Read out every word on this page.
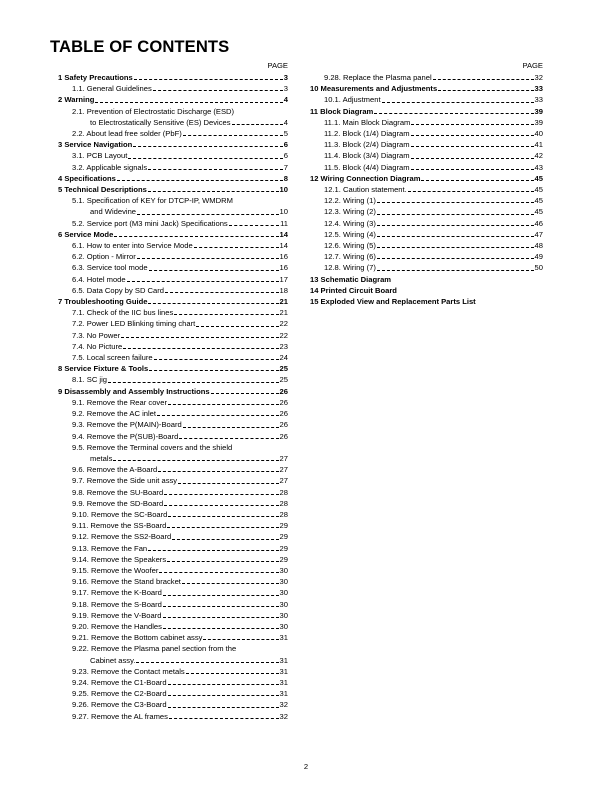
TABLE OF CONTENTS
PAGE
1 Safety Precautions	3
1.1. General Guidelines	3
2 Warning	4
2.1. Prevention of Electrostatic Discharge (ESD)
to Electrostatically Sensitive (ES) Devices	4
2.2. About lead free solder (PbF)	5
3 Service Navigation	6
3.1. PCB Layout	6
3.2. Applicable signals	7
4 Specifications	8
5 Technical Descriptions	10
5.1. Specification of KEY for DTCP-IP, WMDRM
and Widevine	10
5.2. Service port (M3 mini Jack) Specifications	11
6 Service Mode	14
6.1. How to enter into Service Mode	14
6.2. Option - Mirror	16
6.3. Service tool mode	16
6.4. Hotel mode	17
6.5. Data Copy by SD Card	18
7 Troubleshooting Guide	21
7.1. Check of the IIC bus lines	21
7.2. Power LED Blinking timing chart	22
7.3. No Power	22
7.4. No Picture	23
7.5. Local screen failure	24
8 Service Fixture & Tools	25
8.1. SC jig	25
9 Disassembly and Assembly Instructions	26
9.1. Remove the Rear cover	26
9.2. Remove the AC inlet	26
9.3. Remove the P(MAIN)-Board	26
9.4. Remove the P(SUB)-Board	26
9.5. Remove the Terminal covers and the shield
metals	27
9.6. Remove the A-Board	27
9.7. Remove the Side unit assy	27
9.8. Remove the SU-Board	28
9.9. Remove the SD-Board	28
9.10. Remove the SC-Board	28
9.11. Remove the SS-Board	29
9.12. Remove the SS2-Board	29
9.13. Remove the Fan	29
9.14. Remove the Speakers	29
9.15. Remove the Woofer	30
9.16. Remove the Stand bracket	30
9.17. Remove the K-Board	30
9.18. Remove the S-Board	30
9.19. Remove the V-Board	30
9.20. Remove the Handles	30
9.21. Remove the Bottom cabinet assy	31
9.22. Remove the Plasma panel section from the
Cabinet assy.	31
9.23. Remove the Contact metals	31
9.24. Remove the C1-Board	31
9.25. Remove the C2-Board	31
9.26. Remove the C3-Board	32
9.27. Remove the AL frames	32
PAGE
9.28. Replace the Plasma panel	32
10 Measurements and Adjustments	33
10.1. Adjustment	33
11 Block Diagram	39
11.1. Main Block Diagram	39
11.2. Block (1/4) Diagram	40
11.3. Block (2/4) Diagram	41
11.4. Block (3/4) Diagram	42
11.5. Block (4/4) Diagram	43
12 Wiring Connection Diagram	45
12.1. Caution statement.	45
12.2. Wiring (1)	45
12.3. Wiring (2)	45
12.4. Wiring (3)	46
12.5. Wiring (4)	47
12.6. Wiring (5)	48
12.7. Wiring (6)	49
12.8. Wiring (7)	50
13 Schematic Diagram
14 Printed Circuit Board
15 Exploded View and Replacement Parts List
2
